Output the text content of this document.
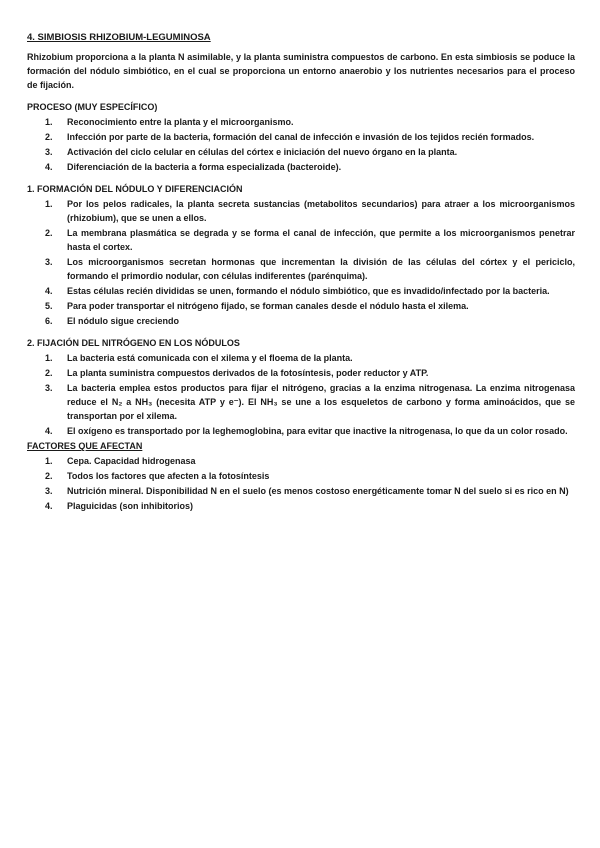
4. SIMBIOSIS RHIZOBIUM-LEGUMINOSA

Rhizobium proporciona a la planta N asimilable, y la planta suministra compuestos de carbono. En esta simbiosis se poduce la formación del nódulo simbiótico, en el cual se proporciona un entorno anaerobio y los nutrientes necesarios para el proceso de fijación.

PROCESO (MUY ESPECÍFICO)
1.	Reconocimiento entre la planta y el microorganismo.
2.	Infección por parte de la bacteria, formación del canal de infección e invasión de los tejidos recién formados.
3.	Activación del ciclo celular en células del córtex e iniciación del nuevo órgano en la planta.
4.	Diferenciación de la bacteria a forma especializada (bacteroide).
1. FORMACIÓN DEL NÓDULO Y DIFERENCIACIÓN
1.	Por los pelos radicales, la planta secreta sustancias (metabolitos secundarios) para atraer a los microorganismos (rhizobium), que se unen a ellos.
2.	La membrana plasmática se degrada y se forma el canal de infección, que permite a los microorganismos penetrar hasta el cortex.
3.	Los microorganismos secretan hormonas que incrementan la división de las células del córtex y el periciclo, formando el primordio nodular, con células indiferentes (parénquima).
4.	Estas células recién divididas se unen, formando el nódulo simbiótico, que es invadido/infectado por la bacteria.
5.	Para poder transportar el nitrógeno fijado, se forman canales desde el nódulo hasta el xilema.
6.	El nódulo sigue creciendo
2. FIJACIÓN DEL NITRÓGENO EN LOS NÓDULOS
1.	La bacteria está comunicada con el xilema y el floema de la planta.
2.	La planta suministra compuestos derivados de la fotosíntesis, poder reductor y ATP.
3.	La bacteria emplea estos productos para fijar el nitrógeno, gracias a la enzima nitrogenasa. La enzima nitrogenasa reduce el N₂ a NH₃ (necesita ATP y e⁻). El NH₃ se une a los esqueletos de carbono y forma aminoácidos, que se transportan por el xilema.
4.	El oxígeno es transportado por la leghemoglobina, para evitar que inactive la nitrogenasa, lo que da un color rosado.
FACTORES QUE AFECTAN
1.	Cepa. Capacidad hidrogenasa
2.	Todos los factores que afecten a la fotosíntesis
3.	Nutrición mineral. Disponibilidad N en el suelo (es menos costoso energéticamente tomar N del suelo si es rico en N)
4.	Plaguicidas (son inhibitorios)
